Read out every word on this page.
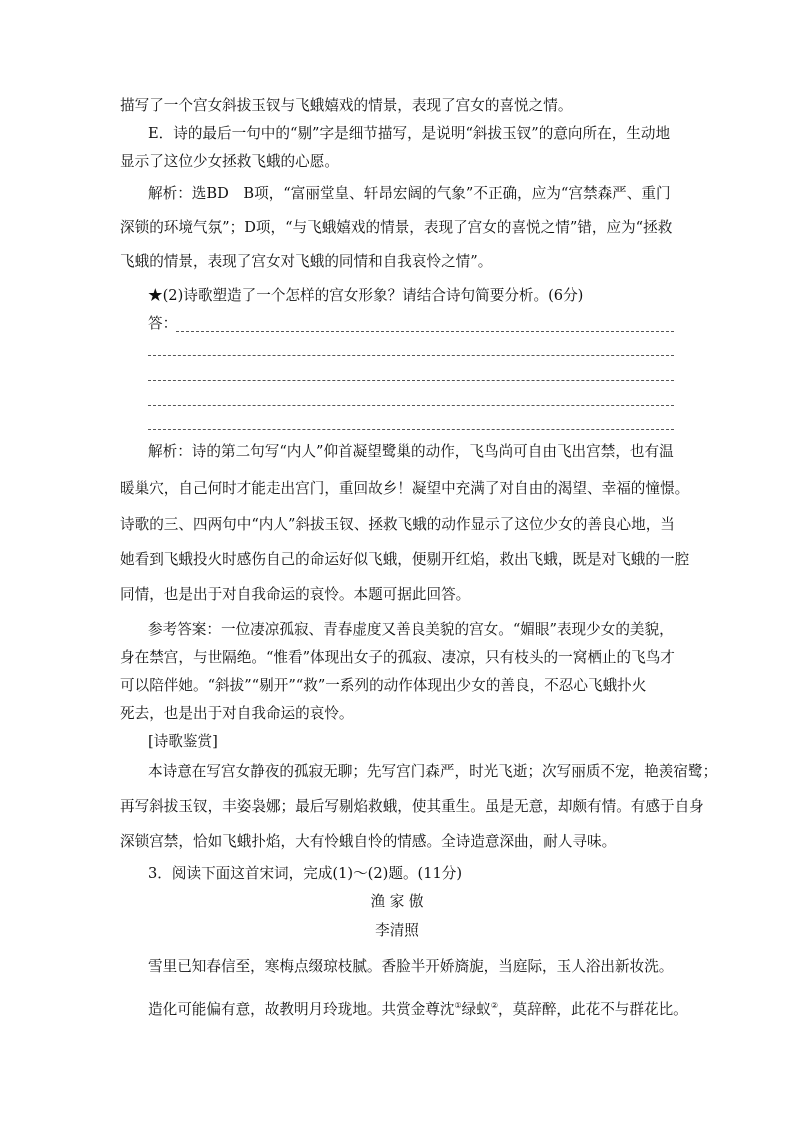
描写了一个宫女斜拔玉钗与飞蛾嬉戏的情景，表现了宫女的喜悦之情。
E．诗的最后一句中的“剔”字是细节描写，是说明“斜拔玉钗”的意向所在，生动地
显示了这位少女拯救飞蛾的心愿。
解析：选BD　B项，“富丽堂皇、轩昂宏阔的气象”不正确，应为“宫禁森严、重门
深锁的环境气氛”；D项，“与飞蛾嬉戏的情景，表现了宫女的喜悦之情”错，应为“拯救
飞蛾的情景，表现了宫女对飞蛾的同情和自我哀怜之情”。
★(2)诗歌塑造了一个怎样的宫女形象？请结合诗句简要分析。(6分)
答：
解析：诗的第二句写“内人”仰首凝望鹭巢的动作，飞鸟尚可自由飞出宫禁，也有温
暖巢穴，自己何时才能走出宫门，重回故乡！凝望中充满了对自由的渴望、幸福的憧憬。
诗歌的三、四两句中“内人”斜拔玉钗、拯救飞蛾的动作显示了这位少女的善良心地，当
她看到飞蛾投火时感伤自己的命运好似飞蛾，便剔开红焰，救出飞蛾，既是对飞蛾的一腔
同情，也是出于对自我命运的哀怜。本题可据此回答。
参考答案：一位凄凉孤寂、青春虚度又善良美貌的宫女。“媚眼”表现少女的美貌，
身在禁宫，与世隔绝。“惟看”体现出女子的孤寂、凄凉，只有枝头的一窝栖止的飞鸟才
可以陪伴她。“斜拔”“剔开”“救”一系列的动作体现出少女的善良，不忍心飞蛾扑火
死去，也是出于对自我命运的哀怜。
[诗歌鉴赏]
本诗意在写宫女静夜的孤寂无聊；先写宫门森严，时光飞逝；次写丽质不宠，艳羡宿鹭；
再写斜拔玉钗，丰姿袅娜；最后写剔焰救蛾，使其重生。虽是无意，却颇有情。有感于自身
深锁宫禁，恰如飞蛾扑焰，大有怜蛾自怜的情感。全诗造意深曲，耐人寻味。
3．阅读下面这首宋词，完成(1)～(2)题。(11分)
渔 家 傲
李清照
雪里已知春信至，寒梅点缀琼枝腻。香脸半开娇旖旎，当庭际，玉人浴出新妆洗。
造化可能偏有意，故教明月玲珑地。共赏金尊沈①绿蚁②，莫辞醉，此花不与群花比。
